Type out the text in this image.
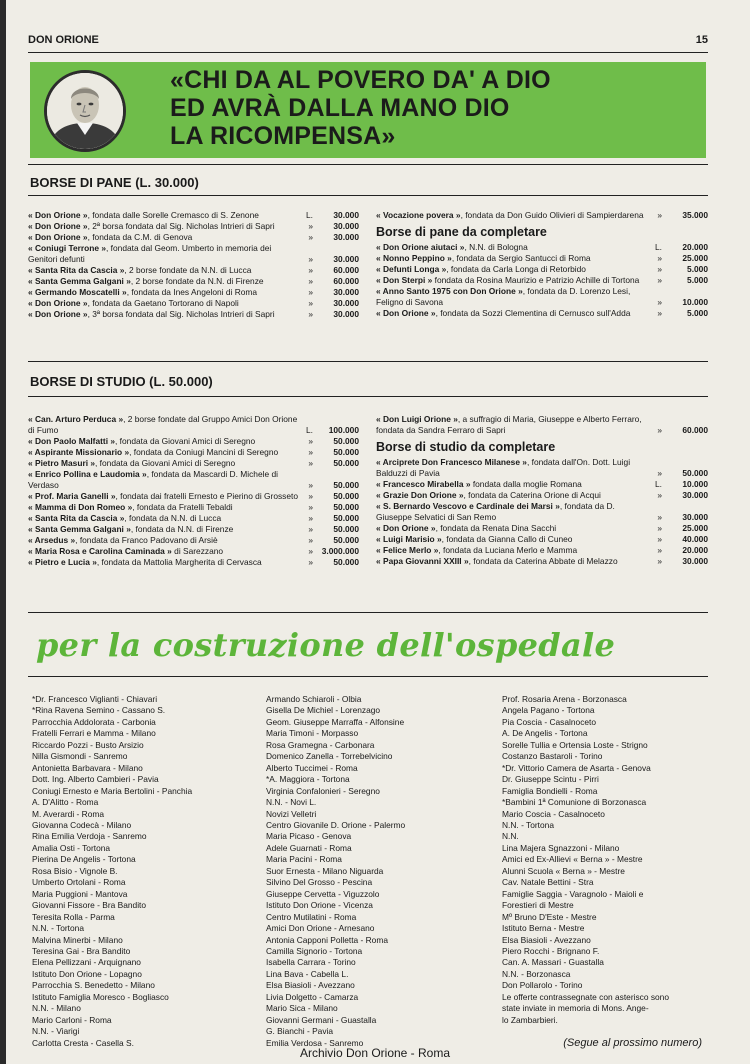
DON ORIONE	15
«CHI DA AL POVERO DA' A DIO
ED AVRÀ DALLA MANO DIO
LA RICOMPENSA»
BORSE DI PANE (L. 30.000)
« Don Orione », fondata dalle Sorelle Cremasco di S. Zenone	L. 30.000
« Don Orione », 2ª borsa fondata dal Sig. Nicholas Intrieri di Sapri	» 30.000
« Don Orione », fondata da C.M. di Genova	» 30.000
« Coniugi Terrone », fondata dal Geom. Umberto in memoria dei Genitori defunti	» 30.000
« Santa Rita da Cascia », 2 borse fondate da N.N. di Lucca	» 60.000
« Santa Gemma Galgani », 2 borse fondate da N.N. di Firenze	» 60.000
« Germando Moscatelli », fondata da Ines Angeloni di Roma	» 30.000
« Don Orione », fondata da Gaetano Tortorano di Napoli	» 30.000
« Don Orione », 3ª borsa fondata dal Sig. Nicholas Intrieri di Sapri	» 30.000
« Vocazione povera », fondata da Don Guido Olivieri di Sampierdarena » 35.000
Borse di pane da completare
« Don Orione aiutaci », N.N. di Bologna	L. 20.000
« Nonno Peppino », fondata da Sergio Santucci di Roma	» 25.000
« Defunti Longa », fondata da Carla Longa di Retorbido	»	5.000
« Don Sterpi » fondata da Rosina Maurizio e Patrizio Achille di Tortona »	5.000
« Anno Santo 1975 con Don Orione », fondata da D. Lorenzo Lesi, Feligno di Savona	» 10.000
« Don Orione », fondata da Sozzi Clementina di Cernusco sull'Adda	»	5.000
BORSE DI STUDIO (L. 50.000)
« Can. Arturo Perduca », 2 borse fondate dal Gruppo Amici Don Orione di Fumo	L. 100.000
« Don Paolo Malfatti », fondata da Giovani Amici di Seregno	» 50.000
« Aspirante Missionario », fondata da Coniugi Mancini di Seregno	» 50.000
« Pietro Masuri », fondata da Giovani Amici di Seregno	» 50.000
« Enrico Pollina e Laudomia », fondata da Mascardi D. Michele di Verdaso	» 50.000
« Prof. Maria Ganelli », fondata dai fratelli Ernesto e Pierino di Grosseto » 50.000
« Mamma di Don Romeo », fondata da Fratelli Tebaldi	» 50.000
« Santa Rita da Cascia », fondata da N.N. di Lucca	» 50.000
« Santa Gemma Galgani », fondata da N.N. di Firenze	» 50.000
« Arsedus », fondata da Franco Padovano di Arsiè	» 50.000
« Maria Rosa e Carolina Caminada » di Sarezzano	» 3.000.000
« Pietro e Lucia », fondata da Mattolia Margherita di Cervasca	» 50.000
« Don Luigi Orione », a suffragio di Maria, Giuseppe e Alberto Ferraro, fondata da Sandra Ferraro di Sapri	» 60.000
Borse di studio da completare
« Arciprete Don Francesco Milanese », fondata dall'On. Dott. Luigi Balduzzi di Pavia	» 50.000
« Francesco Mirabella » fondata dalla moglie Romana	L. 10.000
« Grazie Don Orione », fondata da Caterina Orione di Acqui	» 30.000
« S. Bernardo Vescovo e Cardinale dei Marsi », fondata da D. Giuseppe Selvatici di San Remo	» 30.000
« Don Orione », fondata da Renata Dina Sacchi	» 25.000
« Luigi Marisio », fondata da Gianna Callo di Cuneo	» 40.000
« Felice Merlo », fondata da Luciana Merlo e Mamma	» 20.000
« Papa Giovanni XXIII », fondata da Caterina Abbate di Melazzo	» 30.000
per la costruzione dell'ospedale
*Dr. Francesco Viglianti - Chiavari
*Rina Ravena Semino - Cassano S.
Parrocchia Addolorata - Carbonia
Fratelli Ferrari e Mamma - Milano
Riccardo Pozzi - Busto Arsizio
Nilla Gismondi - Sanremo
Antonietta Barbavara - Milano
Dott. Ing. Alberto Cambieri - Pavia
Coniugi Ernesto e Maria Bertolini - Panchia
A. D'Alitto - Roma
M. Averardi - Roma
Giovanna Codecà - Milano
Rina Emilia Verdoja - Sanremo
Amalia Osti - Tortona
Pierina De Angelis - Tortona
Rosa Bisio - Vignole B.
Umberto Ortolani - Roma
Maria Puggioni - Mantova
Giovanni Fissore - Bra Bandito
Teresita Rolla - Parma
N.N. - Tortona
Malvina Minerbi - Milano
Teresina Gai - Bra Bandito
Elena Pellizzani - Arquignano
Istituto Don Orione - Lopagno
Parrocchia S. Benedetto - Milano
Istituto Famiglia Moresco - Bogliasco
N.N. - Milano
Mario Carloni - Roma
N.N. - Viarigi
Carlotta Cresta - Casella S.
Armando Schiaroli - Olbia
Gisella De Michiel - Lorenzago
Geom. Giuseppe Marraffa - Alfonsine
Maria Timoni - Morpasso
Rosa Gramegna - Carbonara
Domenico Zanella - Torrebelvicino
Alberto Tuccimei - Roma
*A. Maggiora - Tortona
Virginia Confalonieri - Seregno
N.N. - Novi L.
Novizi Velletri
Centro Giovanile D. Orione - Palermo
Maria Picaso - Genova
Adele Guarnati - Roma
Maria Pacini - Roma
Suor Ernesta - Milano Niguarda
Silvino Del Grosso - Pescina
Giuseppe Cervetta - Viguzzolo
Istituto Don Orione - Vicenza
Centro Mutilatini - Roma
Amici Don Orione - Arnesano
Antonia Capponi Polletta - Roma
Camilla Signorio - Tortona
Isabella Carrara - Torino
Lina Bava - Cabella L.
Elsa Biasioli - Avezzano
Livia Dolgetto - Camarza
Mario Sica - Milano
Giovanni Germani - Guastalla
G. Bianchi - Pavia
Emilia Verdosa - Sanremo
Prof. Rosaria Arena - Borzonasca
Angela Pagano - Tortona
Pia Coscia - Casalnoceto
A. De Angelis - Tortona
Sorelle Tullia e Ortensia Loste - Strigno
Costanzo Bastaroli - Torino
*Dr. Vittorio Camera de Asarta - Genova
Dr. Giuseppe Scintu - Pirri
Famiglia Bondielli - Roma
*Bambini 1ª Comunione di Borzonasca
Mario Coscia - Casalnoceto
N.N. - Tortona
N.N.
Lina Majera Sgnazzoni - Milano
Amici ed Ex-Allievi « Berna » - Mestre
Alunni Scuola « Berna » - Mestre
Cav. Natale Bettini - Stra
Famiglie Saggia - Varagnolo - Maioli e
Forestieri di Mestre
Mº Bruno D'Este - Mestre
Istituto Berna - Mestre
Elsa Biasioli - Avezzano
Piero Rocchi - Brignano F.
Can. A. Massari - Guastalla
N.N. - Borzonasca
Don Pollarolo - Torino
Le offerte contrassegnate con asterisco sono
state inviate in memoria di Mons. Ange-
lo Zambarbieri.

(Segue al prossimo numero)
Archivio Don Orione - Roma
